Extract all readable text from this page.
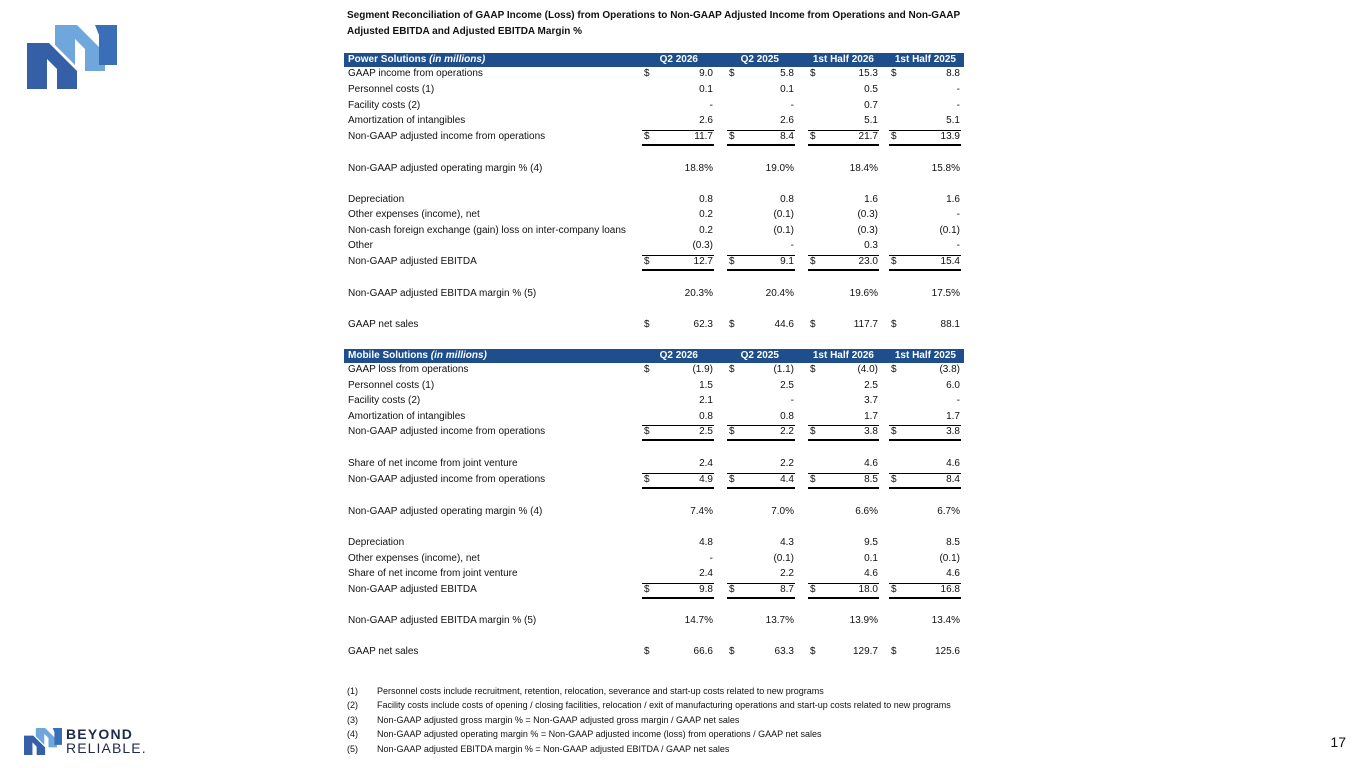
Segment Reconciliation of GAAP Income (Loss) from Operations to Non-GAAP Adjusted Income from Operations and Non-GAAP Adjusted EBITDA and Adjusted EBITDA Margin %
Power Solutions (in millions)	Q2 2026	Q2 2025	1st Half 2026 1st Half 2025
GAAP income from operations	$	9.0 $	5.8 $	15.3 $	8.8
Personnel costs (1)	0.1	0.1	0.5	-
Facility costs (2)	-	-	0.7	-
Amortization of intangibles	2.6	2.6	5.1	5.1
Non-GAAP adjusted income from operations	$	11.7 $	8.4 $	21.7 $	13.9
Non-GAAP adjusted operating margin % (4)	18.8%	19.0%	18.4%	15.8%
Depreciation	0.8	0.8	1.6	1.6
Other expenses (income), net	0.2	(0.1)	(0.3)	-
Non-cash foreign exchange (gain) loss on inter-company loans	0.2	(0.1)	(0.3)	(0.1)
Other	(0.3)	-	0.3	-
Non-GAAP adjusted EBITDA	$	12.7 $	9.1 $	23.0 $	15.4
Non-GAAP adjusted EBITDA margin % (5)	20.3%	20.4%	19.6%	17.5%
GAAP net sales	$	62.3 $	44.6 $	117.7 $	88.1
Mobile Solutions (in millions)	Q2 2026	Q2 2025	1st Half 2026 1st Half 2025
GAAP loss from operations	$	(1.9) $	(1.1) $	(4.0) $	(3.8)
Personnel costs (1)	1.5	2.5	2.5	6.0
Facility costs (2)	2.1	-	3.7	-
Amortization of intangibles	0.8	0.8	1.7	1.7
Non-GAAP adjusted income from operations	$	2.5 $	2.2 $	3.8 $	3.8
Share of net income from joint venture	2.4	2.2	4.6	4.6
Non-GAAP adjusted income from operations	$	4.9 $	4.4 $	8.5 $	8.4
Non-GAAP adjusted operating margin % (4)	7.4%	7.0%	6.6%	6.7%
Depreciation	4.8	4.3	9.5	8.5
Other expenses (income), net	-	(0.1)	0.1	(0.1)
Share of net income from joint venture	2.4	2.2	4.6	4.6
Non-GAAP adjusted EBITDA	$	9.8 $	8.7 $	18.0 $	16.8
Non-GAAP adjusted EBITDA margin % (5)	14.7%	13.7%	13.9%	13.4%
GAAP net sales	$	66.6 $	63.3 $	129.7 $	125.6
(1) Personnel costs include recruitment, retention, relocation, severance and start-up costs related to new programs
(2) Facility costs include costs of opening / closing facilities, relocation / exit of manufacturing operations and start-up costs related to new programs
(3) Non-GAAP adjusted gross margin % = Non-GAAP adjusted gross margin / GAAP net sales
(4) Non-GAAP adjusted operating margin % = Non-GAAP adjusted income (loss) from operations / GAAP net sales
(5) Non-GAAP adjusted EBITDA margin % = Non-GAAP adjusted EBITDA / GAAP net sales
BEYOND
RELIABLE.	17
